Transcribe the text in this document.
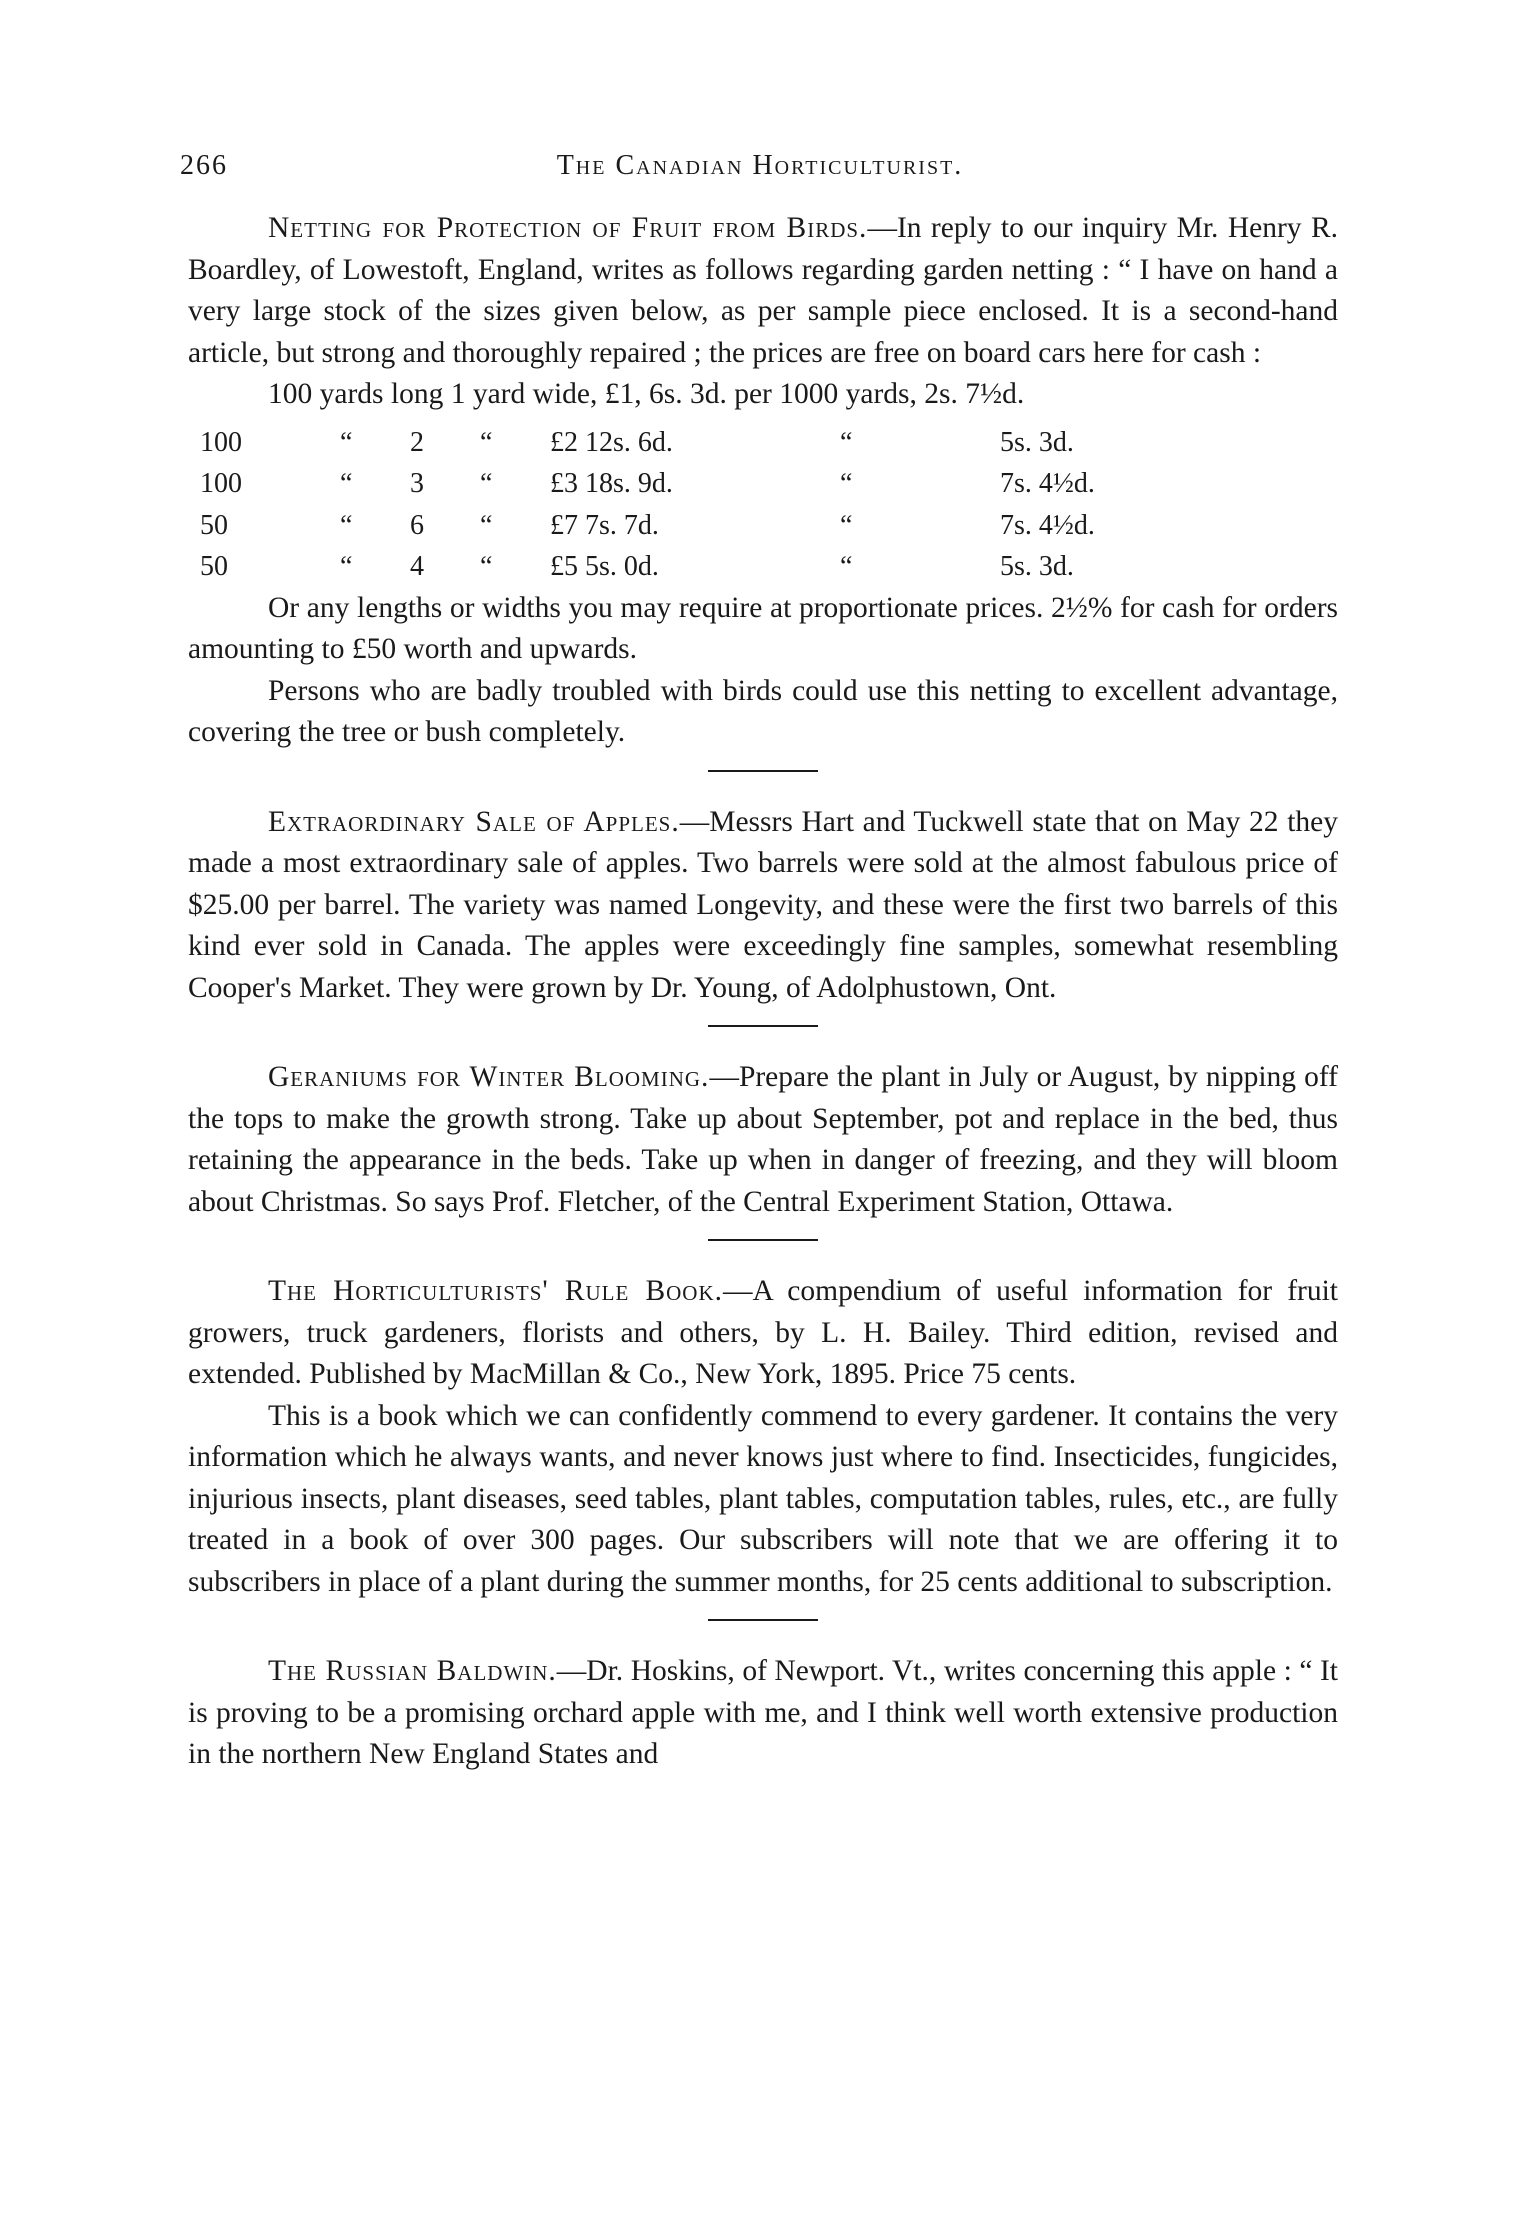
266	The Canadian Horticulturist.

Netting for Protection of Fruit from Birds.—In reply to our inquiry Mr. Henry R. Boardley, of Lowestoft, England, writes as follows regarding garden netting : “ I have on hand a very large stock of the sizes given below, as per sample piece enclosed. It is a second-hand article, but strong and thoroughly repaired ; the prices are free on board cars here for cash :

100 yards long 1 yard wide, £1, 6s. 3d. per 1000 yards, 2s. 7½d.
100	“	2	“	£2 12s. 6d.	“	5s. 3d.
100	“	3	“	£3 18s. 9d.	“	7s. 4½d.
50	“	6	“	£7 7s. 7d.	“	7s. 4½d.
50	“	4	“	£5 5s. 0d.	“	5s. 3d.

Or any lengths or widths you may require at proportionate prices. 2½% for cash for orders amounting to £50 worth and upwards.

Persons who are badly troubled with birds could use this netting to excellent advantage, covering the tree or bush completely.

Extraordinary Sale of Apples.—Messrs Hart and Tuckwell state that on May 22 they made a most extraordinary sale of apples. Two barrels were sold at the almost fabulous price of $25.00 per barrel. The variety was named Longevity, and these were the first two barrels of this kind ever sold in Canada. The apples were exceedingly fine samples, somewhat resembling Cooper's Market. They were grown by Dr. Young, of Adolphustown, Ont.

Geraniums for Winter Blooming.—Prepare the plant in July or August, by nipping off the tops to make the growth strong. Take up about September, pot and replace in the bed, thus retaining the appearance in the beds. Take up when in danger of freezing, and they will bloom about Christmas. So says Prof. Fletcher, of the Central Experiment Station, Ottawa.

The Horticulturists' Rule Book.—A compendium of useful information for fruit growers, truck gardeners, florists and others, by L. H. Bailey. Third edition, revised and extended. Published by MacMillan & Co., New York, 1895. Price 75 cents.

This is a book which we can confidently commend to every gardener. It contains the very information which he always wants, and never knows just where to find. Insecticides, fungicides, injurious insects, plant diseases, seed tables, plant tables, computation tables, rules, etc., are fully treated in a book of over 300 pages. Our subscribers will note that we are offering it to subscribers in place of a plant during the summer months, for 25 cents additional to subscription.

The Russian Baldwin.—Dr. Hoskins, of Newport. Vt., writes concerning this apple : “ It is proving to be a promising orchard apple with me, and I think well worth extensive production in the northern New England States and
